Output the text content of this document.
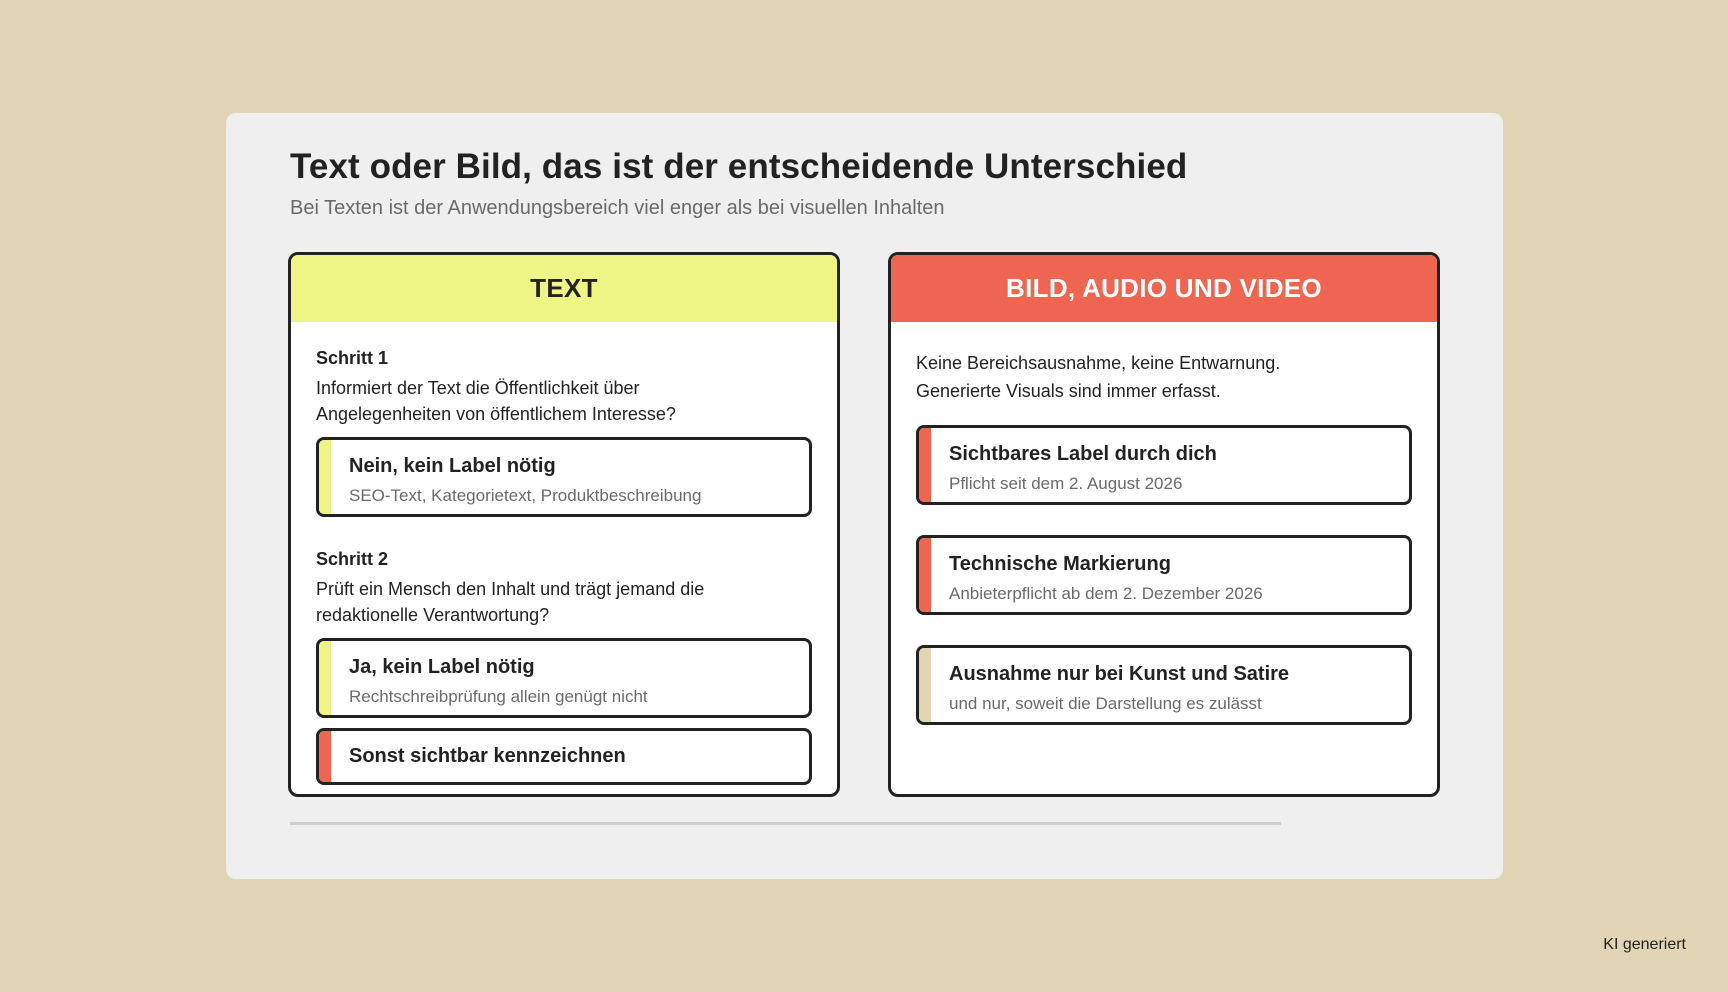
Text oder Bild, das ist der entscheidende Unterschied
Bei Texten ist der Anwendungsbereich viel enger als bei visuellen Inhalten
TEXT
Schritt 1
Informiert der Text die Öffentlichkeit über Angelegenheiten von öffentlichem Interesse?
Nein, kein Label nötig
SEO-Text, Kategorietext, Produktbeschreibung
Schritt 2
Prüft ein Mensch den Inhalt und trägt jemand die redaktionelle Verantwortung?
Ja, kein Label nötig
Rechtschreibprüfung allein genügt nicht
Sonst sichtbar kennzeichnen
BILD, AUDIO UND VIDEO
Keine Bereichsausnahme, keine Entwarnung. Generierte Visuals sind immer erfasst.
Sichtbares Label durch dich
Pflicht seit dem 2. August 2026
Technische Markierung
Anbieterpflicht ab dem 2. Dezember 2026
Ausnahme nur bei Kunst und Satire
und nur, soweit die Darstellung es zulässt
KI generiert
